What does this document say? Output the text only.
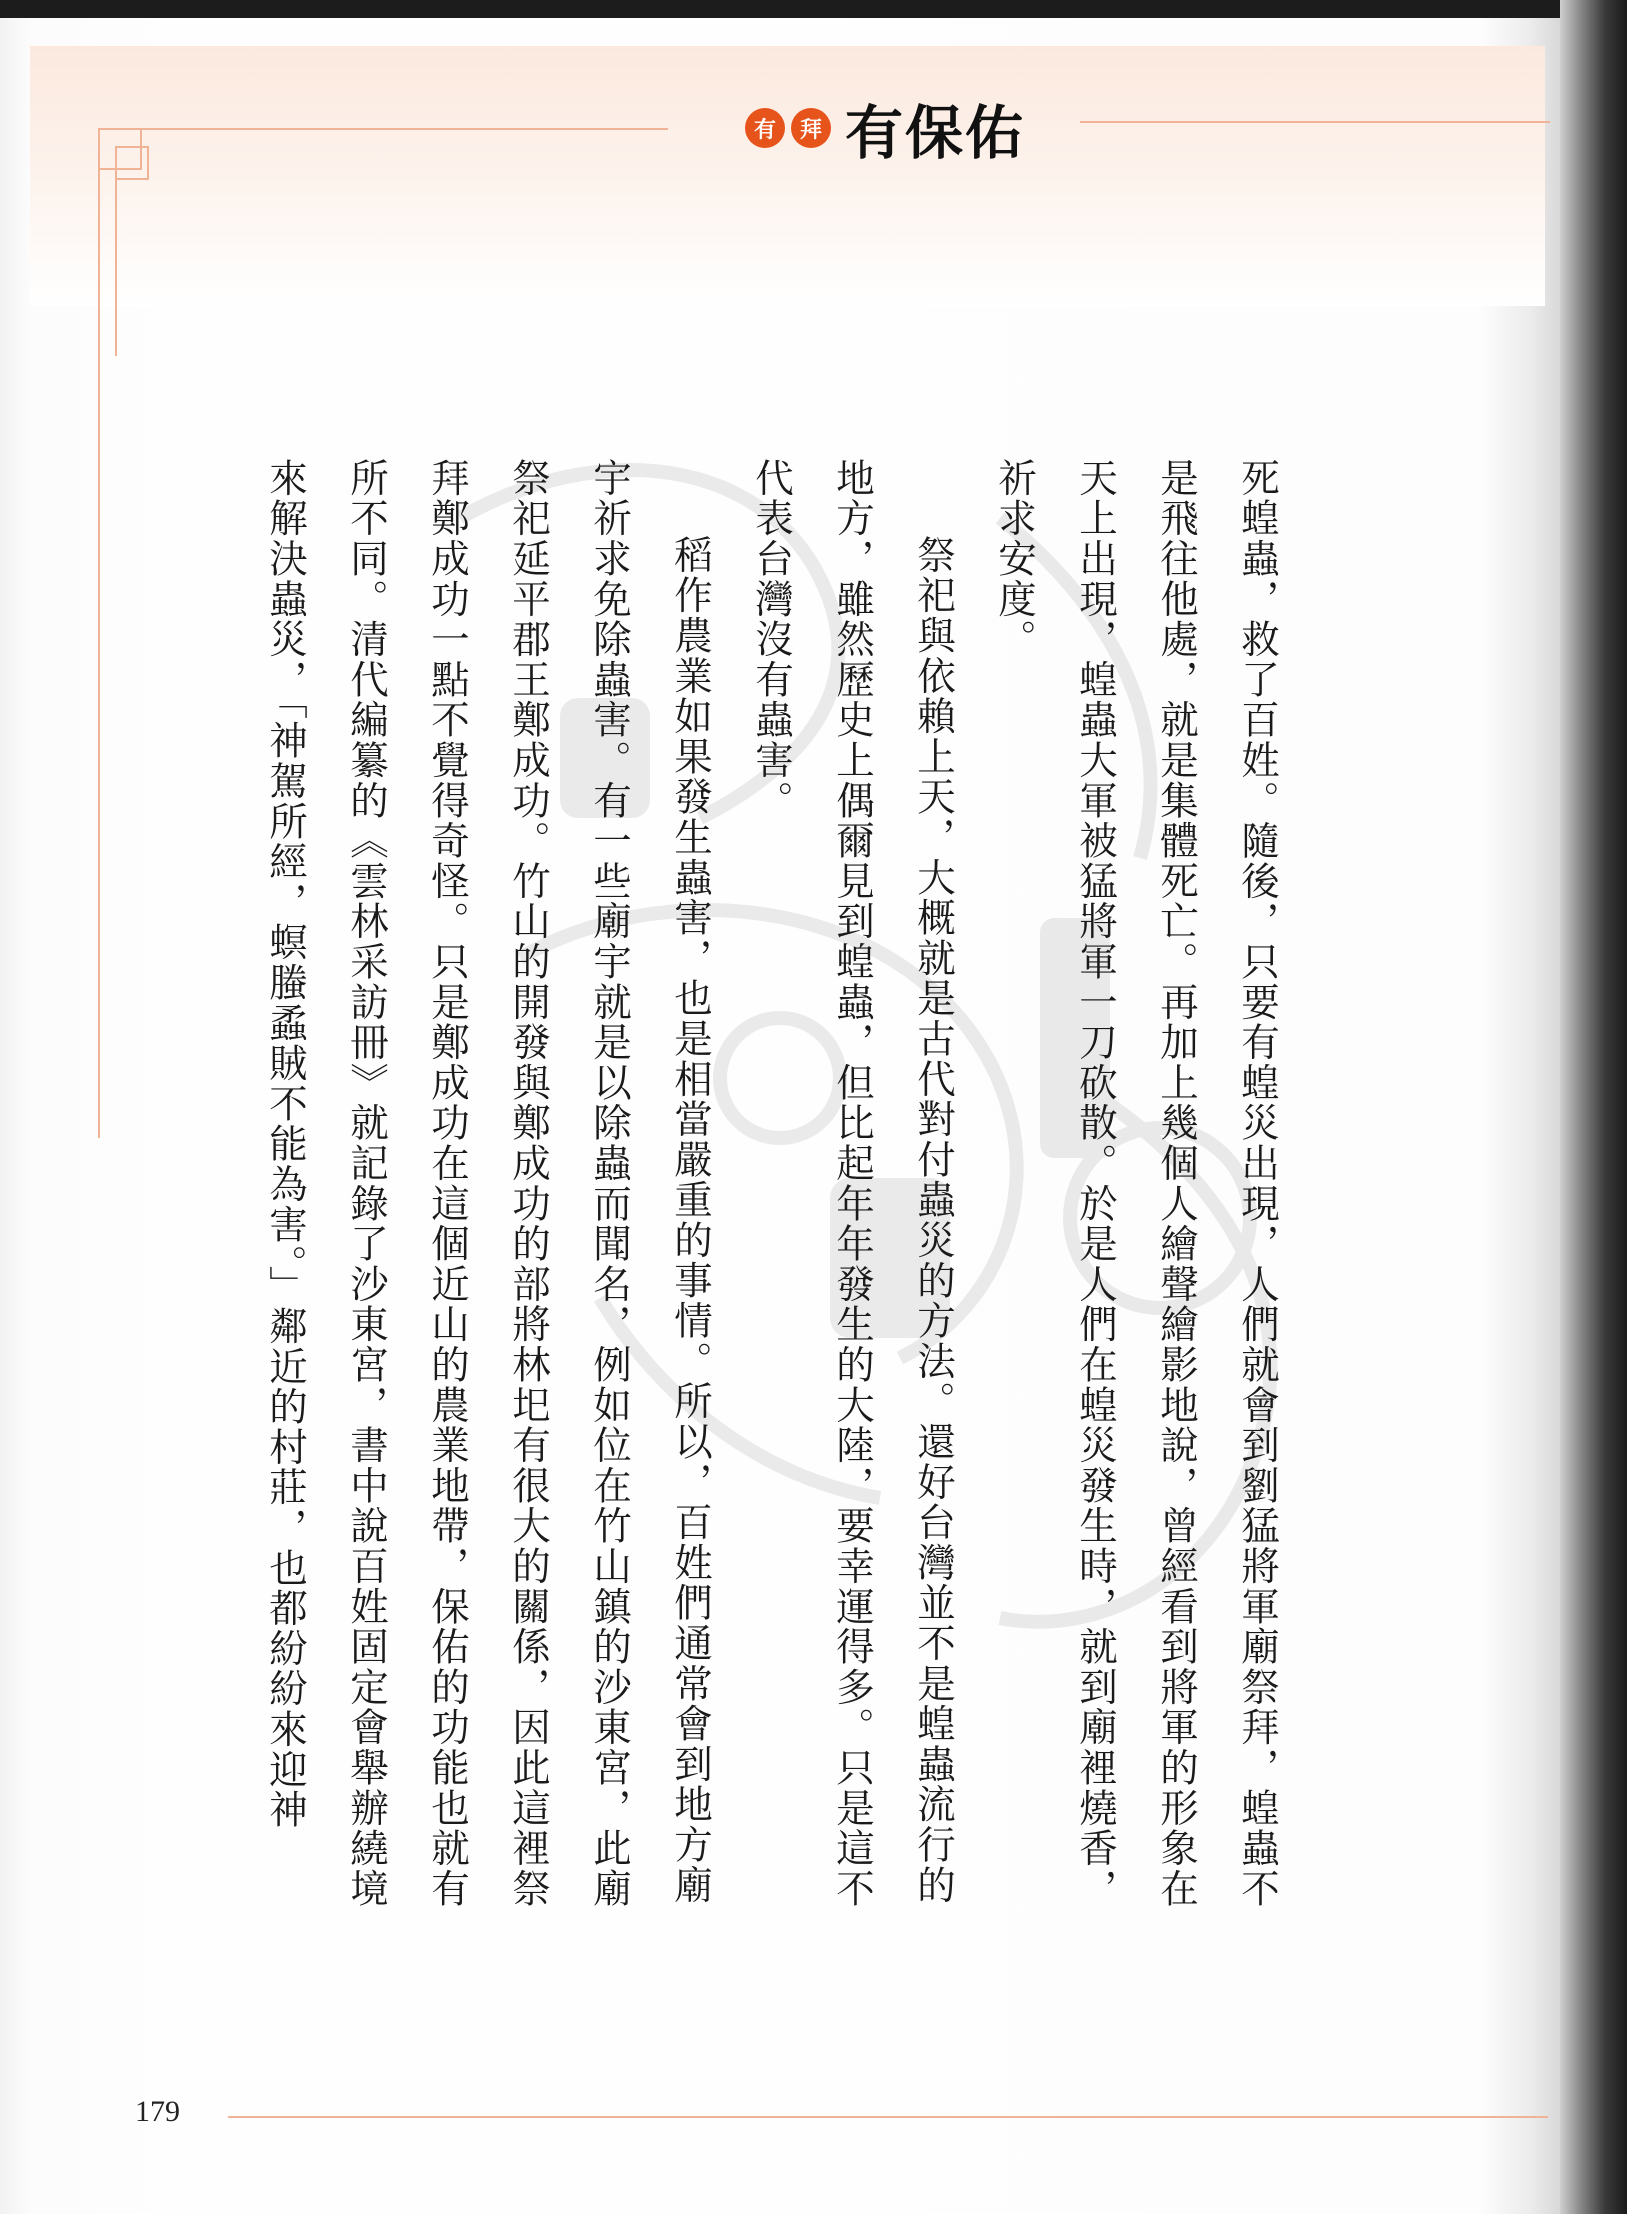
有	拜 有保佑

死蝗蟲，救了百姓。隨後，只要有蝗災出現，人們就會到劉猛將軍廟祭拜，蝗蟲不是飛往他處，就是集體死亡。再加上幾個人繪聲繪影地說，曾經看到將軍的形象在天上出現，蝗蟲大軍被猛將軍一刀砍散。於是人們在蝗災發生時，就到廟裡燒香，祈求安度。

祭祀與依賴上天，大概就是古代對付蟲災的方法。還好台灣並不是蝗蟲流行的地方，雖然歷史上偶爾見到蝗蟲，但比起年年發生的大陸，要幸運得多。只是這不代表台灣沒有蟲害。

稻作農業如果發生蟲害，也是相當嚴重的事情。所以，百姓們通常會到地方廟宇祈求免除蟲害。有一些廟宇就是以除蟲而聞名，例如位在竹山鎮的沙東宮，此廟祭祀延平郡王鄭成功。竹山的開發與鄭成功的部將林圯有很大的關係，因此這裡祭拜鄭成功一點不覺得奇怪。只是鄭成功在這個近山的農業地帶，保佑的功能也就有所不同。清代編纂的《雲林采訪冊》就記錄了沙東宮，書中說百姓固定會舉辦繞境來解決蟲災，「神駕所經，螟螣蟊賊不能為害。」鄰近的村莊，也都紛紛來迎神

179
